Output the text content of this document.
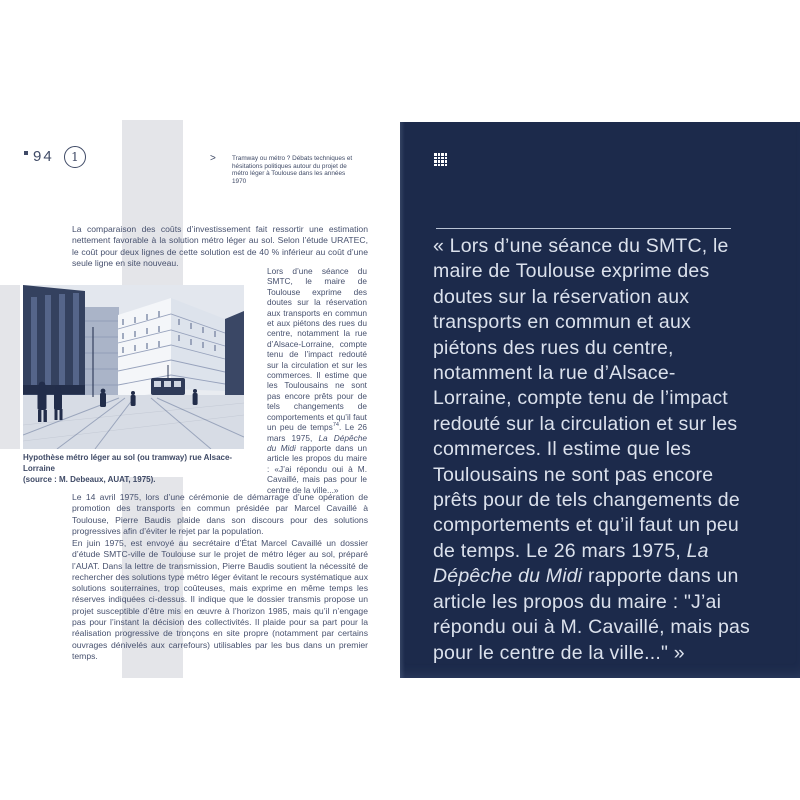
94 1	>	Tramway ou métro ? Débats techniques et hésitations politiques autour du projet de métro léger à Toulouse dans les années 1970

La comparaison des coûts d’investissement fait ressortir une estimation nettement favorable à la solution métro léger au sol. Selon l’étude URATEC, le coût pour deux lignes de cette solution est de 40 % inférieur au coût d’une seule ligne en site nouveau.

Hypothèse métro léger au sol (ou tramway) rue Alsace-Lorraine
(source : M. Debeaux, AUAT, 1975).

Lors d’une séance du SMTC, le maire de Toulouse exprime des doutes sur la réservation aux transports en commun et aux piétons des rues du centre, notamment la rue d’Alsace-Lorraine, compte tenu de l’impact redouté sur la circulation et sur les commerces. Il estime que les Toulousains ne sont pas encore prêts pour de tels changements de comportements et qu’il faut un peu de temps$^{74}$. Le 26 mars 1975, La Dépêche du Midi rapporte dans un article les propos du maire : «J’ai répondu oui à M. Cavaillé, mais pas pour le centre de la ville...»

Le 14 avril 1975, lors d’une cérémonie de démarrage d’une opération de promotion des transports en commun présidée par Marcel Cavaillé à Toulouse, Pierre Baudis plaide dans son discours pour des solutions progressives afin d’éviter le rejet par la population.

En juin 1975, est envoyé au secrétaire d’État Marcel Cavaillé un dossier d’étude SMTC-ville de Toulouse sur le projet de métro léger au sol, préparé l’AUAT. Dans la lettre de transmission, Pierre Baudis soutient la nécessité de rechercher des solutions type métro léger évitant le recours systématique aux solutions souterraines, trop coûteuses, mais exprime en même temps les réserves indiquées ci-dessus. Il indique que le dossier transmis propose un projet susceptible d’être mis en œuvre à l’horizon 1985, mais qu’il n’engage pas pour l’instant la décision des collectivités. Il plaide pour sa part pour la réalisation progressive de tronçons en site propre (notamment par certains ouvrages dénivelés aux carrefours) utilisables par les bus dans un premier temps.

« Lors d’une séance du SMTC, le maire de Toulouse exprime des doutes sur la réservation aux transports en commun et aux piétons des rues du centre, notamment la rue d’Alsace-Lorraine, compte tenu de l’impact redouté sur la circulation et sur les commerces. Il estime que les Toulousains ne sont pas encore prêts pour de tels changements de comportements et qu’il faut un peu de temps. Le 26 mars 1975, La Dépêche du Midi rapporte dans un article les propos du maire : "J’ai répondu oui à M. Cavaillé, mais pas pour le centre de la ville..." »
